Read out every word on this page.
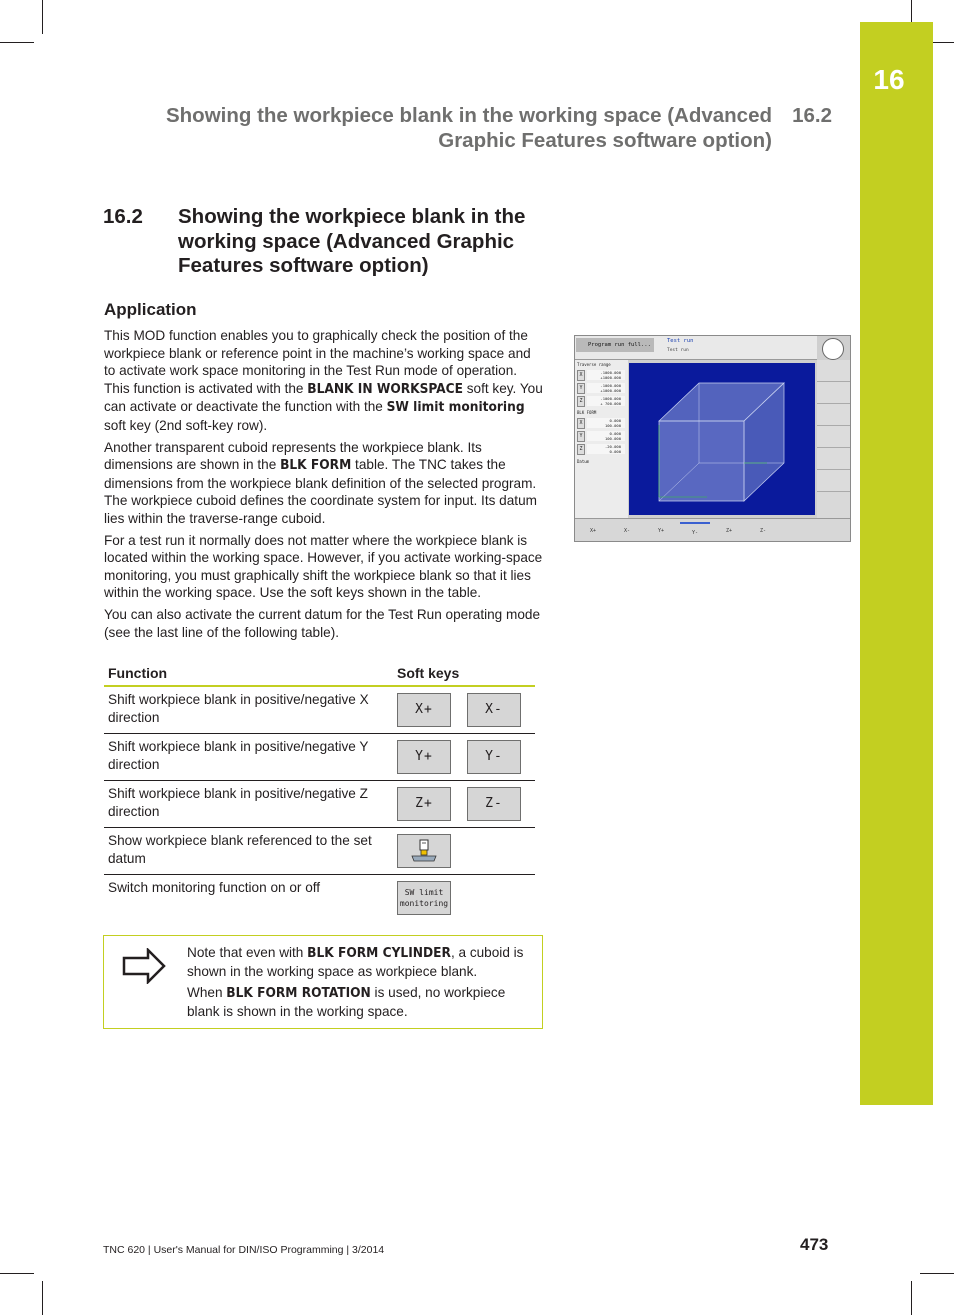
16
Showing the workpiece blank in the working space (Advanced
Graphic Features software option)
16.2
16.2 Showing the workpiece blank in the
working space (Advanced Graphic
Features software option)
Application

This MOD function enables you to graphically check the position of the workpiece blank or reference point in the machine’s working space and to activate work space monitoring in the Test Run mode of operation. This function is activated with the BLANK IN WORKSPACE soft key. You can activate or deactivate the function with the SW limit monitoring soft key (2nd soft-key row).

Another transparent cuboid represents the workpiece blank. Its dimensions are shown in the BLK FORM table. The TNC takes the dimensions from the workpiece blank definition of the selected program. The workpiece cuboid defines the coordinate system for input. Its datum lies within the traverse-range cuboid.

For a test run it normally does not matter where the workpiece blank is located within the working space. However, if you activate working-space monitoring, you must graphically shift the workpiece blank so that it lies within the working space. Use the soft keys shown in the table.

You can also activate the current datum for the Test Run operating mode (see the last line of the following table).

Function	Soft keys
Shift workpiece blank in positive/negative X direction
X+	X-
Shift workpiece blank in positive/negative Y direction
Y+	Y-
Shift workpiece blank in positive/negative Z direction
Z+	Z-
Show workpiece blank referenced to the set datum
Switch monitoring function on or off	SW limit
monitoring

Note that even with BLK FORM CYLINDER, a cuboid is shown in the working space as workpiece blank.

When BLK FORM ROTATION is used, no workpiece blank is shown in the working space.

Program run full...
Test run
Test run
Traverse range
X	-1000.000
+1000.000
Y	-1000.000
+1000.000
Z	-1000.000
+ 700.000
BLK FORM
X	0.000
100.000
Y	0.000
100.000
Z	-20.000
0.000
Datum
X+	X-	Y+	Y-	Z+	Z-
TNC 620 | User's Manual for DIN/ISO Programming | 3/2014	473
